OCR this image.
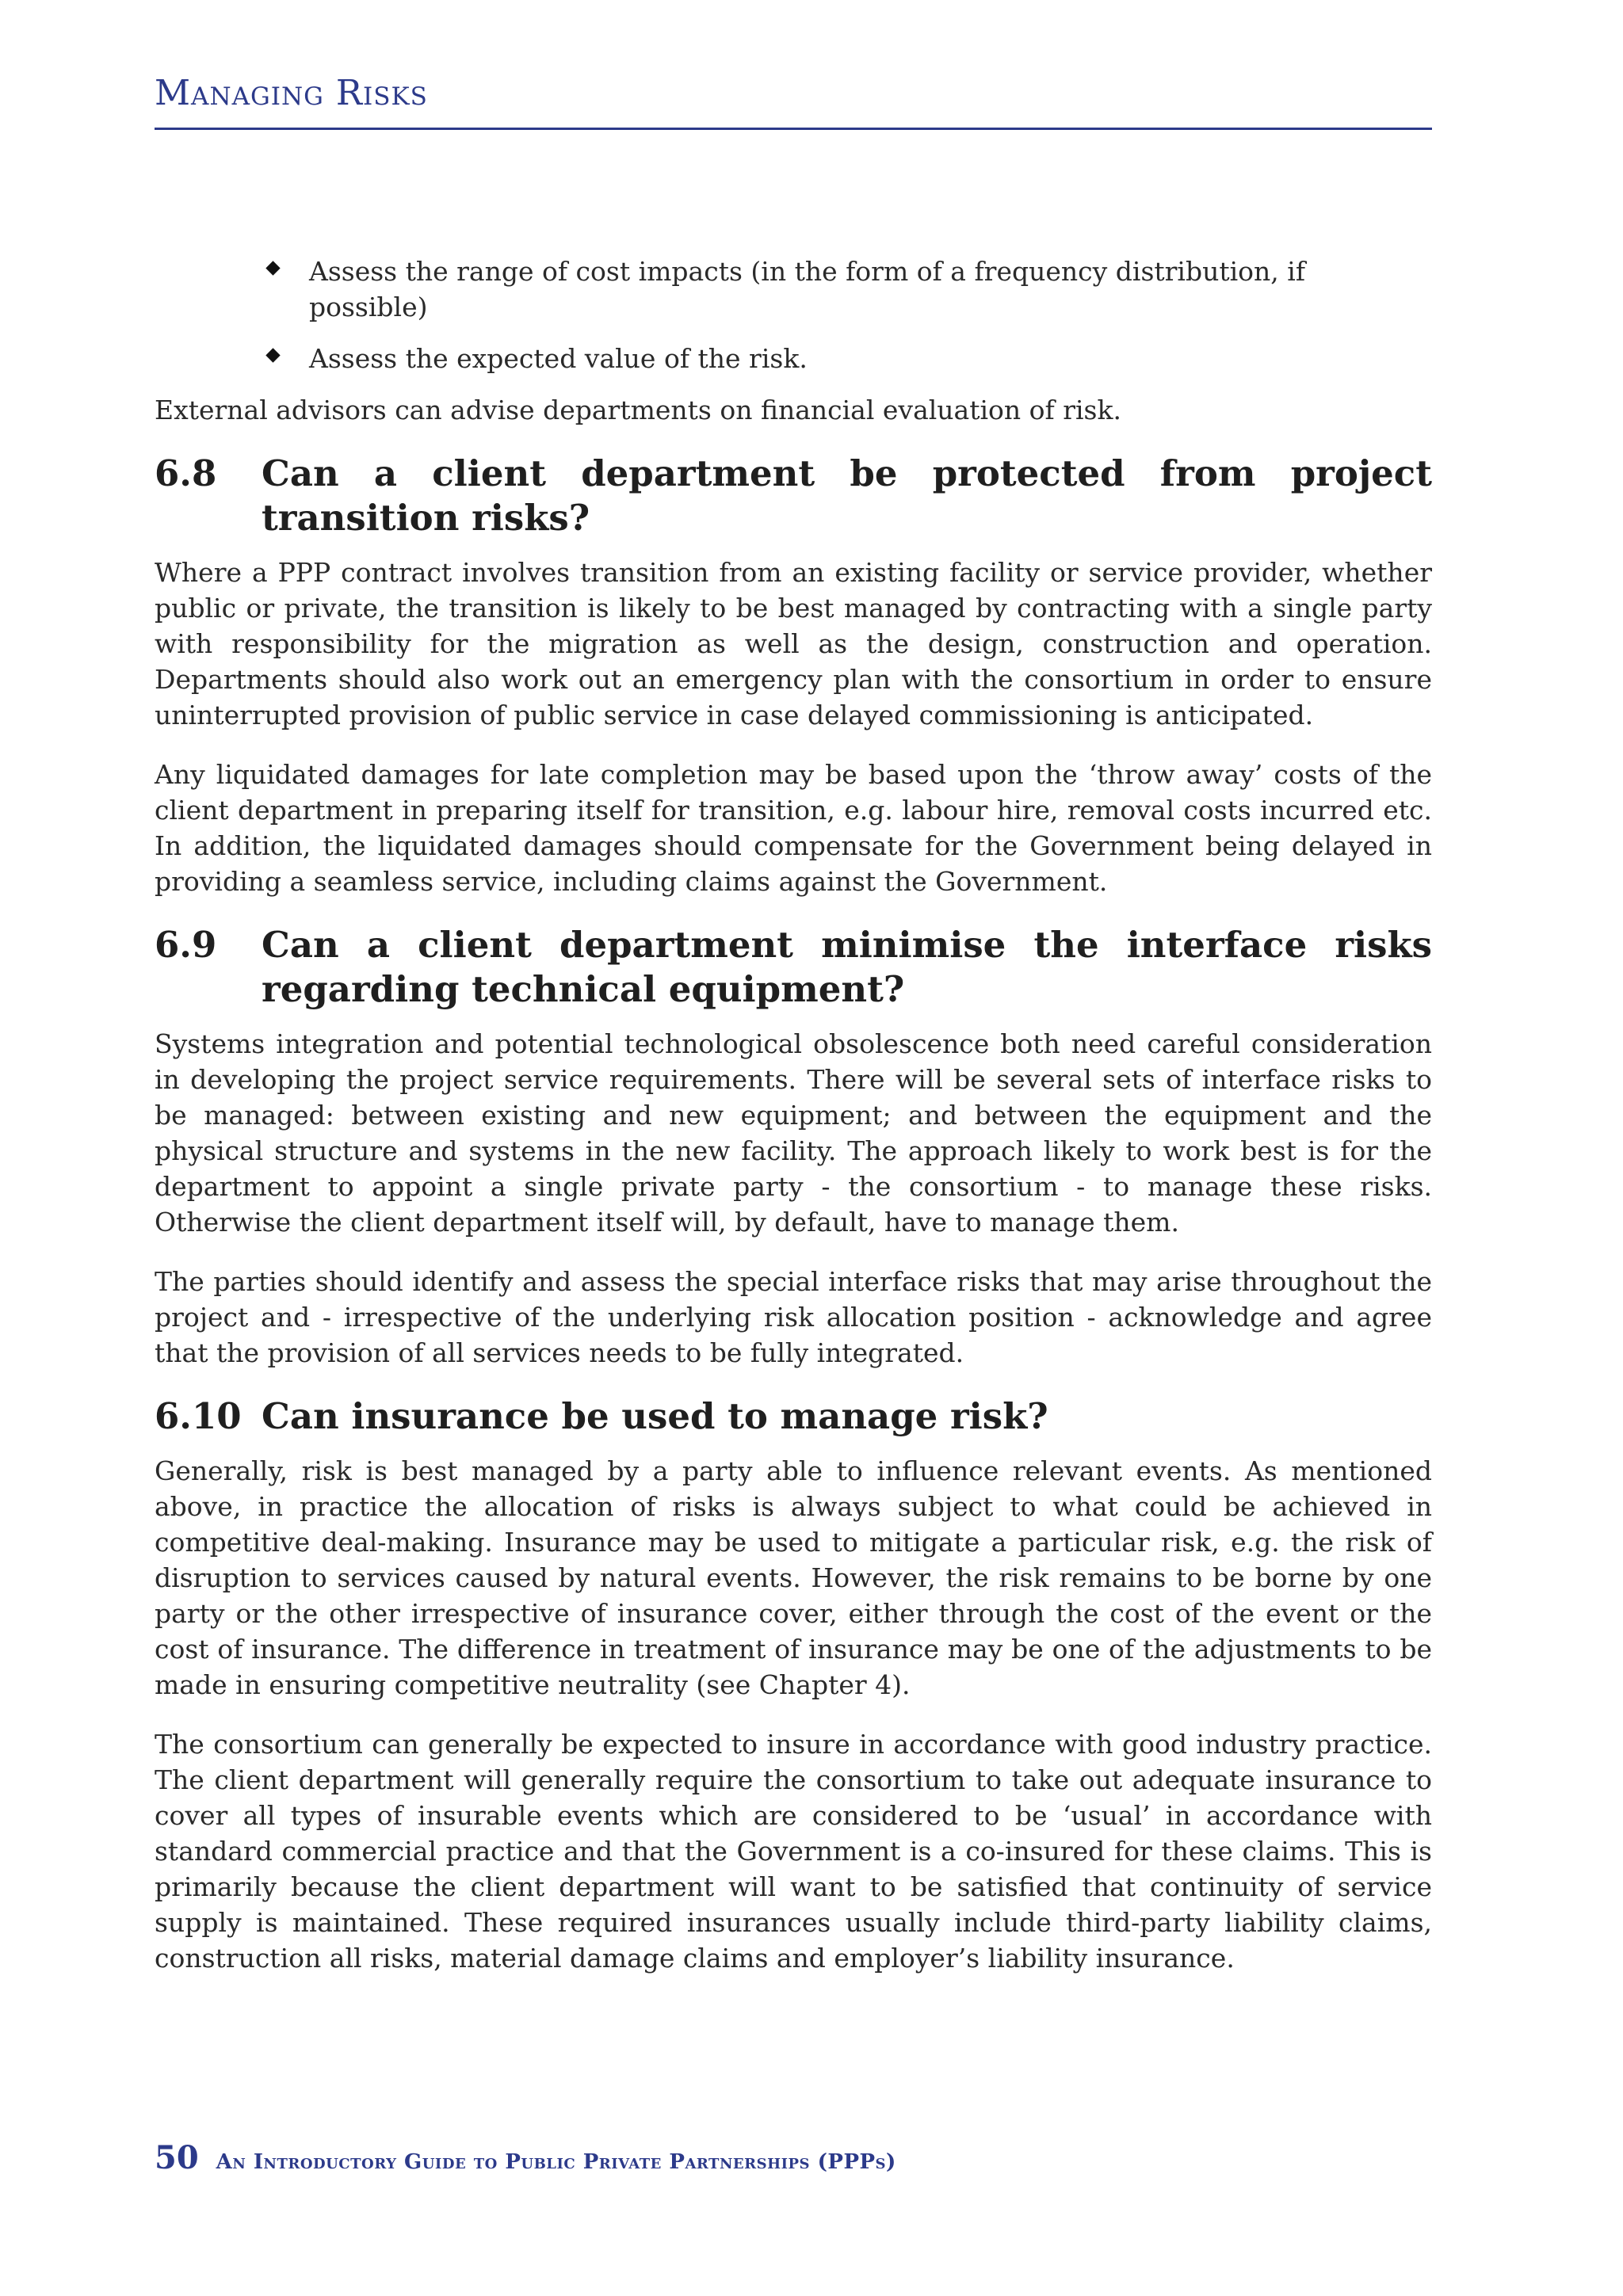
Managing Risks
Assess the range of cost impacts (in the form of a frequency distribution, if possible)
Assess the expected value of the risk.

External advisors can advise departments on financial evaluation of risk.

6.8	Can a client department be protected from project transition risks?

Where a PPP contract involves transition from an existing facility or service provider, whether public or private, the transition is likely to be best managed by contracting with a single party with responsibility for the migration as well as the design, construction and operation. Departments should also work out an emergency plan with the consortium in order to ensure uninterrupted provision of public service in case delayed commissioning is anticipated.

Any liquidated damages for late completion may be based upon the ‘throw away’ costs of the client department in preparing itself for transition, e.g. labour hire, removal costs incurred etc. In addition, the liquidated damages should compensate for the Government being delayed in providing a seamless service, including claims against the Government.

6.9	Can a client department minimise the interface risks regarding technical equipment?

Systems integration and potential technological obsolescence both need careful consideration in developing the project service requirements. There will be several sets of interface risks to be managed: between existing and new equipment; and between the equipment and the physical structure and systems in the new facility. The approach likely to work best is for the department to appoint a single private party - the consortium - to manage these risks. Otherwise the client department itself will, by default, have to manage them.

The parties should identify and assess the special interface risks that may arise throughout the project and - irrespective of the underlying risk allocation position - acknowledge and agree that the provision of all services needs to be fully integrated.

6.10 Can insurance be used to manage risk?

Generally, risk is best managed by a party able to influence relevant events. As mentioned above, in practice the allocation of risks is always subject to what could be achieved in competitive deal-making. Insurance may be used to mitigate a particular risk, e.g. the risk of disruption to services caused by natural events. However, the risk remains to be borne by one party or the other irrespective of insurance cover, either through the cost of the event or the cost of insurance. The difference in treatment of insurance may be one of the adjustments to be made in ensuring competitive neutrality (see Chapter 4).

The consortium can generally be expected to insure in accordance with good industry practice. The client department will generally require the consortium to take out adequate insurance to cover all types of insurable events which are considered to be ‘usual’ in accordance with standard commercial practice and that the Government is a co-insured for these claims. This is primarily because the client department will want to be satisfied that continuity of service supply is maintained. These required insurances usually include third-party liability claims, construction all risks, material damage claims and employer’s liability insurance.

50 An Introductory Guide to Public Private Partnerships (PPPs)
